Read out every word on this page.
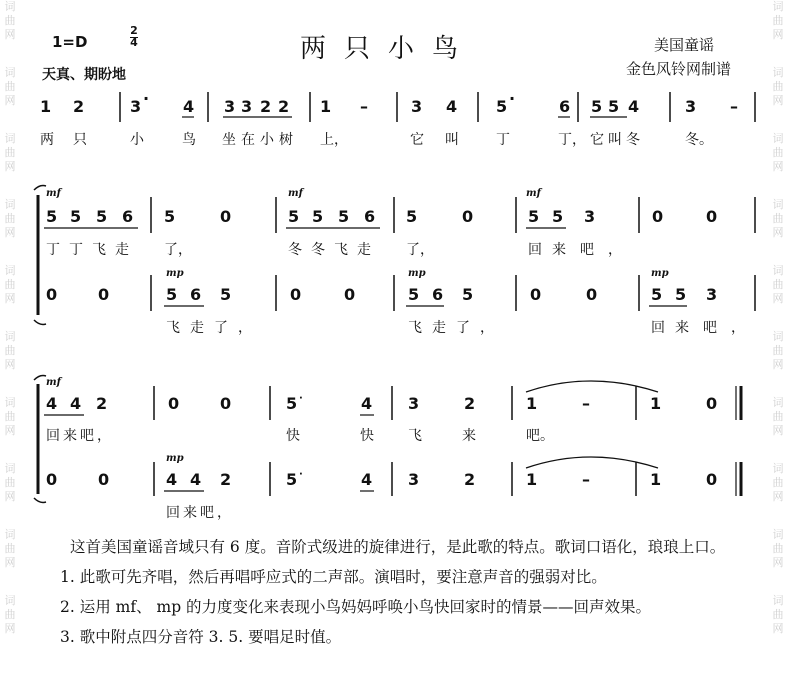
词
曲
网
词
曲
网
词
曲
网
词
曲
网
词
曲
网
词
曲
网
词
曲
网
词
曲
网
词
曲
网
词
曲
网
词
曲
网
词
曲
网
词
曲
网
词
曲
网
词
曲
网
词
曲
网
词
曲
网
词
曲
网
词
曲
网
词
曲
网
1=D
2
4
天真、期盼地
两只小鸟	美国童谣
金色风铃网制谱
1 2	3 · 4 3 3 2 2 1 –	3 4 5 ·	6 5 5 4	3 –
5 5 5 6 5	0	5 5 5 6 5	0	5 5 3	0	0
0	0	5 6 5	0	0	5 6 5	0	0	5 5 3
4 4 2	0	0	5 ·	4 3	2	1	–	1	0
0	0	4 4 2	5 ·	4 3	2	1	–	1	0
mf	mf	mf
mp	mp	mp
mf
mp
两 只	小	鸟 坐在小树 上，	它 叫	丁	丁， 它叫冬	冬。
丁丁飞走 了，	冬冬飞走 了，	回 来吧，
飞走了，	飞走了，	回 来吧，
回来吧，	快	快 飞	来	吧。
回来吧，

这首美国童谣音域只有 6 度。音阶式级进的旋律进行，是此歌的特点。歌词口语化，琅琅上口。

1. 此歌可先齐唱，然后再唱呼应式的二声部。演唱时，要注意声音的强弱对比。

2. 运用 mf、 mp 的力度变化来表现小鸟妈妈呼唤小鸟快回家时的情景——回声效果。

3. 歌中附点四分音符 3. 5. 要唱足时值。
